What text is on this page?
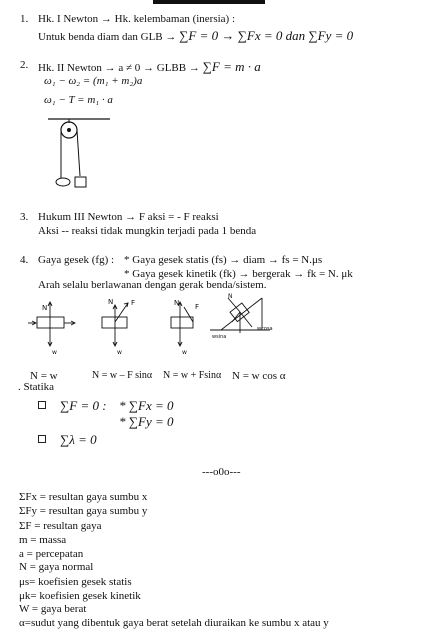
1. Hk. I Newton → Hk. kelembaman (inersia) :
Untuk benda diam dan GLB → ∑F = 0 → ∑Fx = 0 dan ∑Fy = 0
2. Hk. II Newton → a ≠ 0 → GLBB → ∑F = m · a
ω₁ − ω₂ = (m₁ + m₂)a
ω₁ − T = m₁ · a
3. Hukum III Newton → F aksi = - F reaksi
Aksi -- reaksi tidak mungkin terjadi pada 1 benda
4. Gaya gesek (fg) : * Gaya gesek statis (fs) → diam → fs = N.μs
* Gaya gesek kinetik (fk) → bergerak → fk = N. μk
Arah selalu berlawanan dengan gerak benda/sistem.
N
w
N	F
w
N F
w
N
wsina
wcosa
N = w	N = w – F sinα N = w + Fsinα N = w cos α
. Statika
∑F = 0 : * ∑Fx = 0
* ∑Fy = 0
∑λ = 0
---o0o---
ΣFx = resultan gaya sumbu x
ΣFy = resultan gaya sumbu y
ΣF = resultan gaya
m = massa
a = percepatan
N = gaya normal
μs= koefisien gesek statis
μk= koefisien gesek kinetik
W = gaya berat
α=sudut yang dibentuk gaya berat setelah diuraikan ke sumbu x atau y
